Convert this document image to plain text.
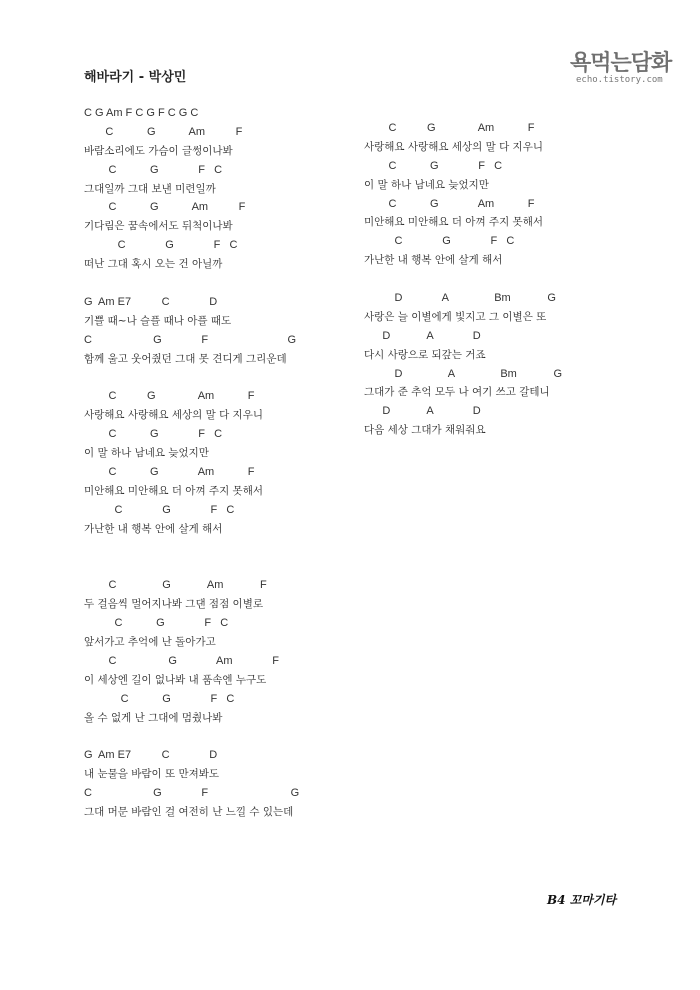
해바라기 - 박상민
욕먹는담화
echo.tistory.com
C G Am F C G F C G C
C           G           Am          F
바람소리에도 가슴이 글썽이나봐
C           G             F   C
그대일까 그대 보낸 미련일까
C           G           Am          F
기다림은 꿈속에서도 뒤척이나봐
C             G             F   C
떠난 그대 혹시 오는 건 아닐까
G  Am E7          C             D
기쁠 때~나 슬플 때나 아플 때도
C                    G             F                          G
함께 울고 웃어줬던 그대 못 견디게 그리운데
C          G              Am           F
사랑해요 사랑해요 세상의 말 다 지우니
C           G             F   C
이 말 하나 남네요 늦었지만
C           G             Am           F
미안해요 미안해요 더 아껴 주지 못해서
C             G             F   C
가난한 내 행복 안에 살게 해서
C               G            Am            F
두 걸음씩 멀어지나봐 그댄 점점 이별로
C           G             F   C
앞서가고 추억에 난 돌아가고
C                 G             Am             F
이 세상엔 길이 없나봐 내 품속엔 누구도
C           G             F   C
올 수 없게 난 그대에 멈췄나봐
G  Am E7          C             D
내 눈물을 바람이 또 만져봐도
C                    G             F                           G
그대 머문 바람인 걸 여전히 난 느낄 수 있는데
C          G              Am           F
사랑해요 사랑해요 세상의 말 다 지우니
C           G             F   C
이 말 하나 남네요 늦었지만
C           G             Am           F
미안해요 미안해요 더 아껴 주지 못해서
C             G             F   C
가난한 내 행복 안에 살게 해서
D             A               Bm            G
사랑은 늘 이별에게 빛지고 그 이별은 또
D            A             D
다시 사랑으로 되갚는 거죠
D               A               Bm            G
그대가 준 추억 모두 나 여기 쓰고 갈테니
D            A             D
다음 세상 그대가 채워줘요
B4 꼬마기타
